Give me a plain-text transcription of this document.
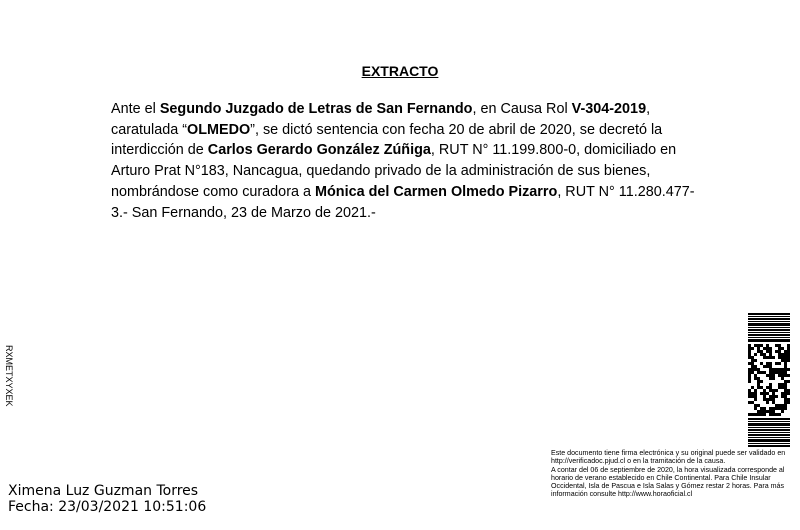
EXTRACTO

Ante el Segundo Juzgado de Letras de San Fernando, en Causa Rol V-304-2019, caratulada “OLMEDO”, se dictó sentencia con fecha 20 de abril de 2020, se decretó la interdicción de Carlos Gerardo González Zúñiga, RUT N° 11.199.800-0, domiciliado en Arturo Prat N°183, Nancagua, quedando privado de la administración de sus bienes, nombrándose como curadora a Mónica del Carmen Olmedo Pizarro, RUT N° 11.280.477-3.- San Fernando, 23 de Marzo de 2021.-

RXMETXYXEK

Este documento tiene firma electrónica y su original puede ser validado en http://verificadoc.pjud.cl o en la tramitación de la causa.

A contar del 06 de septiembre de 2020, la hora visualizada corresponde al horario de verano establecido en Chile Continental. Para Chile Insular Occidental, Isla de Pascua e Isla Salas y Gómez restar 2 horas. Para más información consulte http://www.horaoficial.cl

Ximena Luz Guzman Torres
Fecha: 23/03/2021 10:51:06
